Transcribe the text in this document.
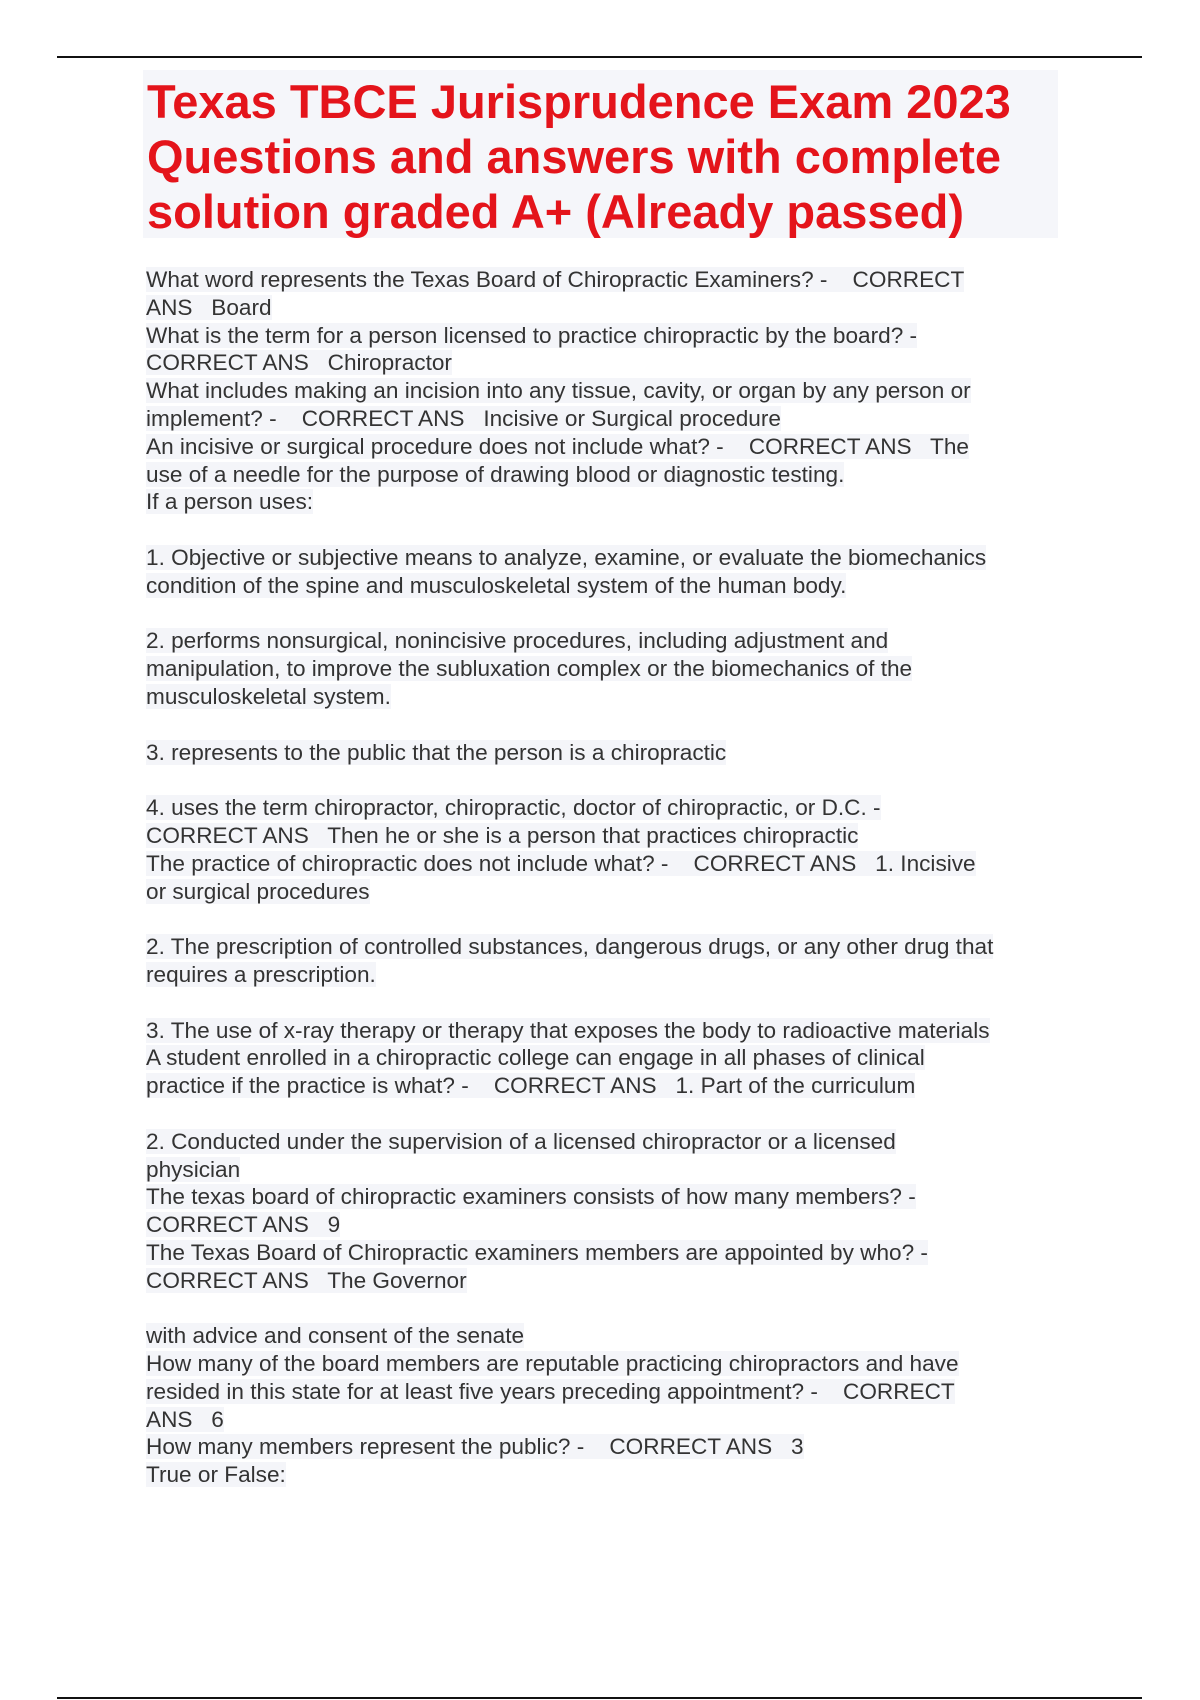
Texas TBCE Jurisprudence Exam 2023
Questions and answers with complete
solution graded A+ (Already passed)
What word represents the Texas Board of Chiropractic Examiners? -    CORRECT
ANS   Board
What is the term for a person licensed to practice chiropractic by the board? -
CORRECT ANS   Chiropractor
What includes making an incision into any tissue, cavity, or organ by any person or
implement? -    CORRECT ANS   Incisive or Surgical procedure
An incisive or surgical procedure does not include what? -    CORRECT ANS   The
use of a needle for the purpose of drawing blood or diagnostic testing.
If a person uses:
1. Objective or subjective means to analyze, examine, or evaluate the biomechanics
condition of the spine and musculoskeletal system of the human body.
2. performs nonsurgical, nonincisive procedures, including adjustment and
manipulation, to improve the subluxation complex or the biomechanics of the
musculoskeletal system.
3. represents to the public that the person is a chiropractic
4. uses the term chiropractor, chiropractic, doctor of chiropractic, or D.C. -
CORRECT ANS   Then he or she is a person that practices chiropractic
The practice of chiropractic does not include what? -    CORRECT ANS   1. Incisive
or surgical procedures
2. The prescription of controlled substances, dangerous drugs, or any other drug that
requires a prescription.
3. The use of x-ray therapy or therapy that exposes the body to radioactive materials
A student enrolled in a chiropractic college can engage in all phases of clinical
practice if the practice is what? -    CORRECT ANS   1. Part of the curriculum
2. Conducted under the supervision of a licensed chiropractor or a licensed
physician
The texas board of chiropractic examiners consists of how many members? -
CORRECT ANS   9
The Texas Board of Chiropractic examiners members are appointed by who? -
CORRECT ANS   The Governor
with advice and consent of the senate
How many of the board members are reputable practicing chiropractors and have
resided in this state for at least five years preceding appointment? -    CORRECT
ANS   6
How many members represent the public? -    CORRECT ANS   3
True or False:
